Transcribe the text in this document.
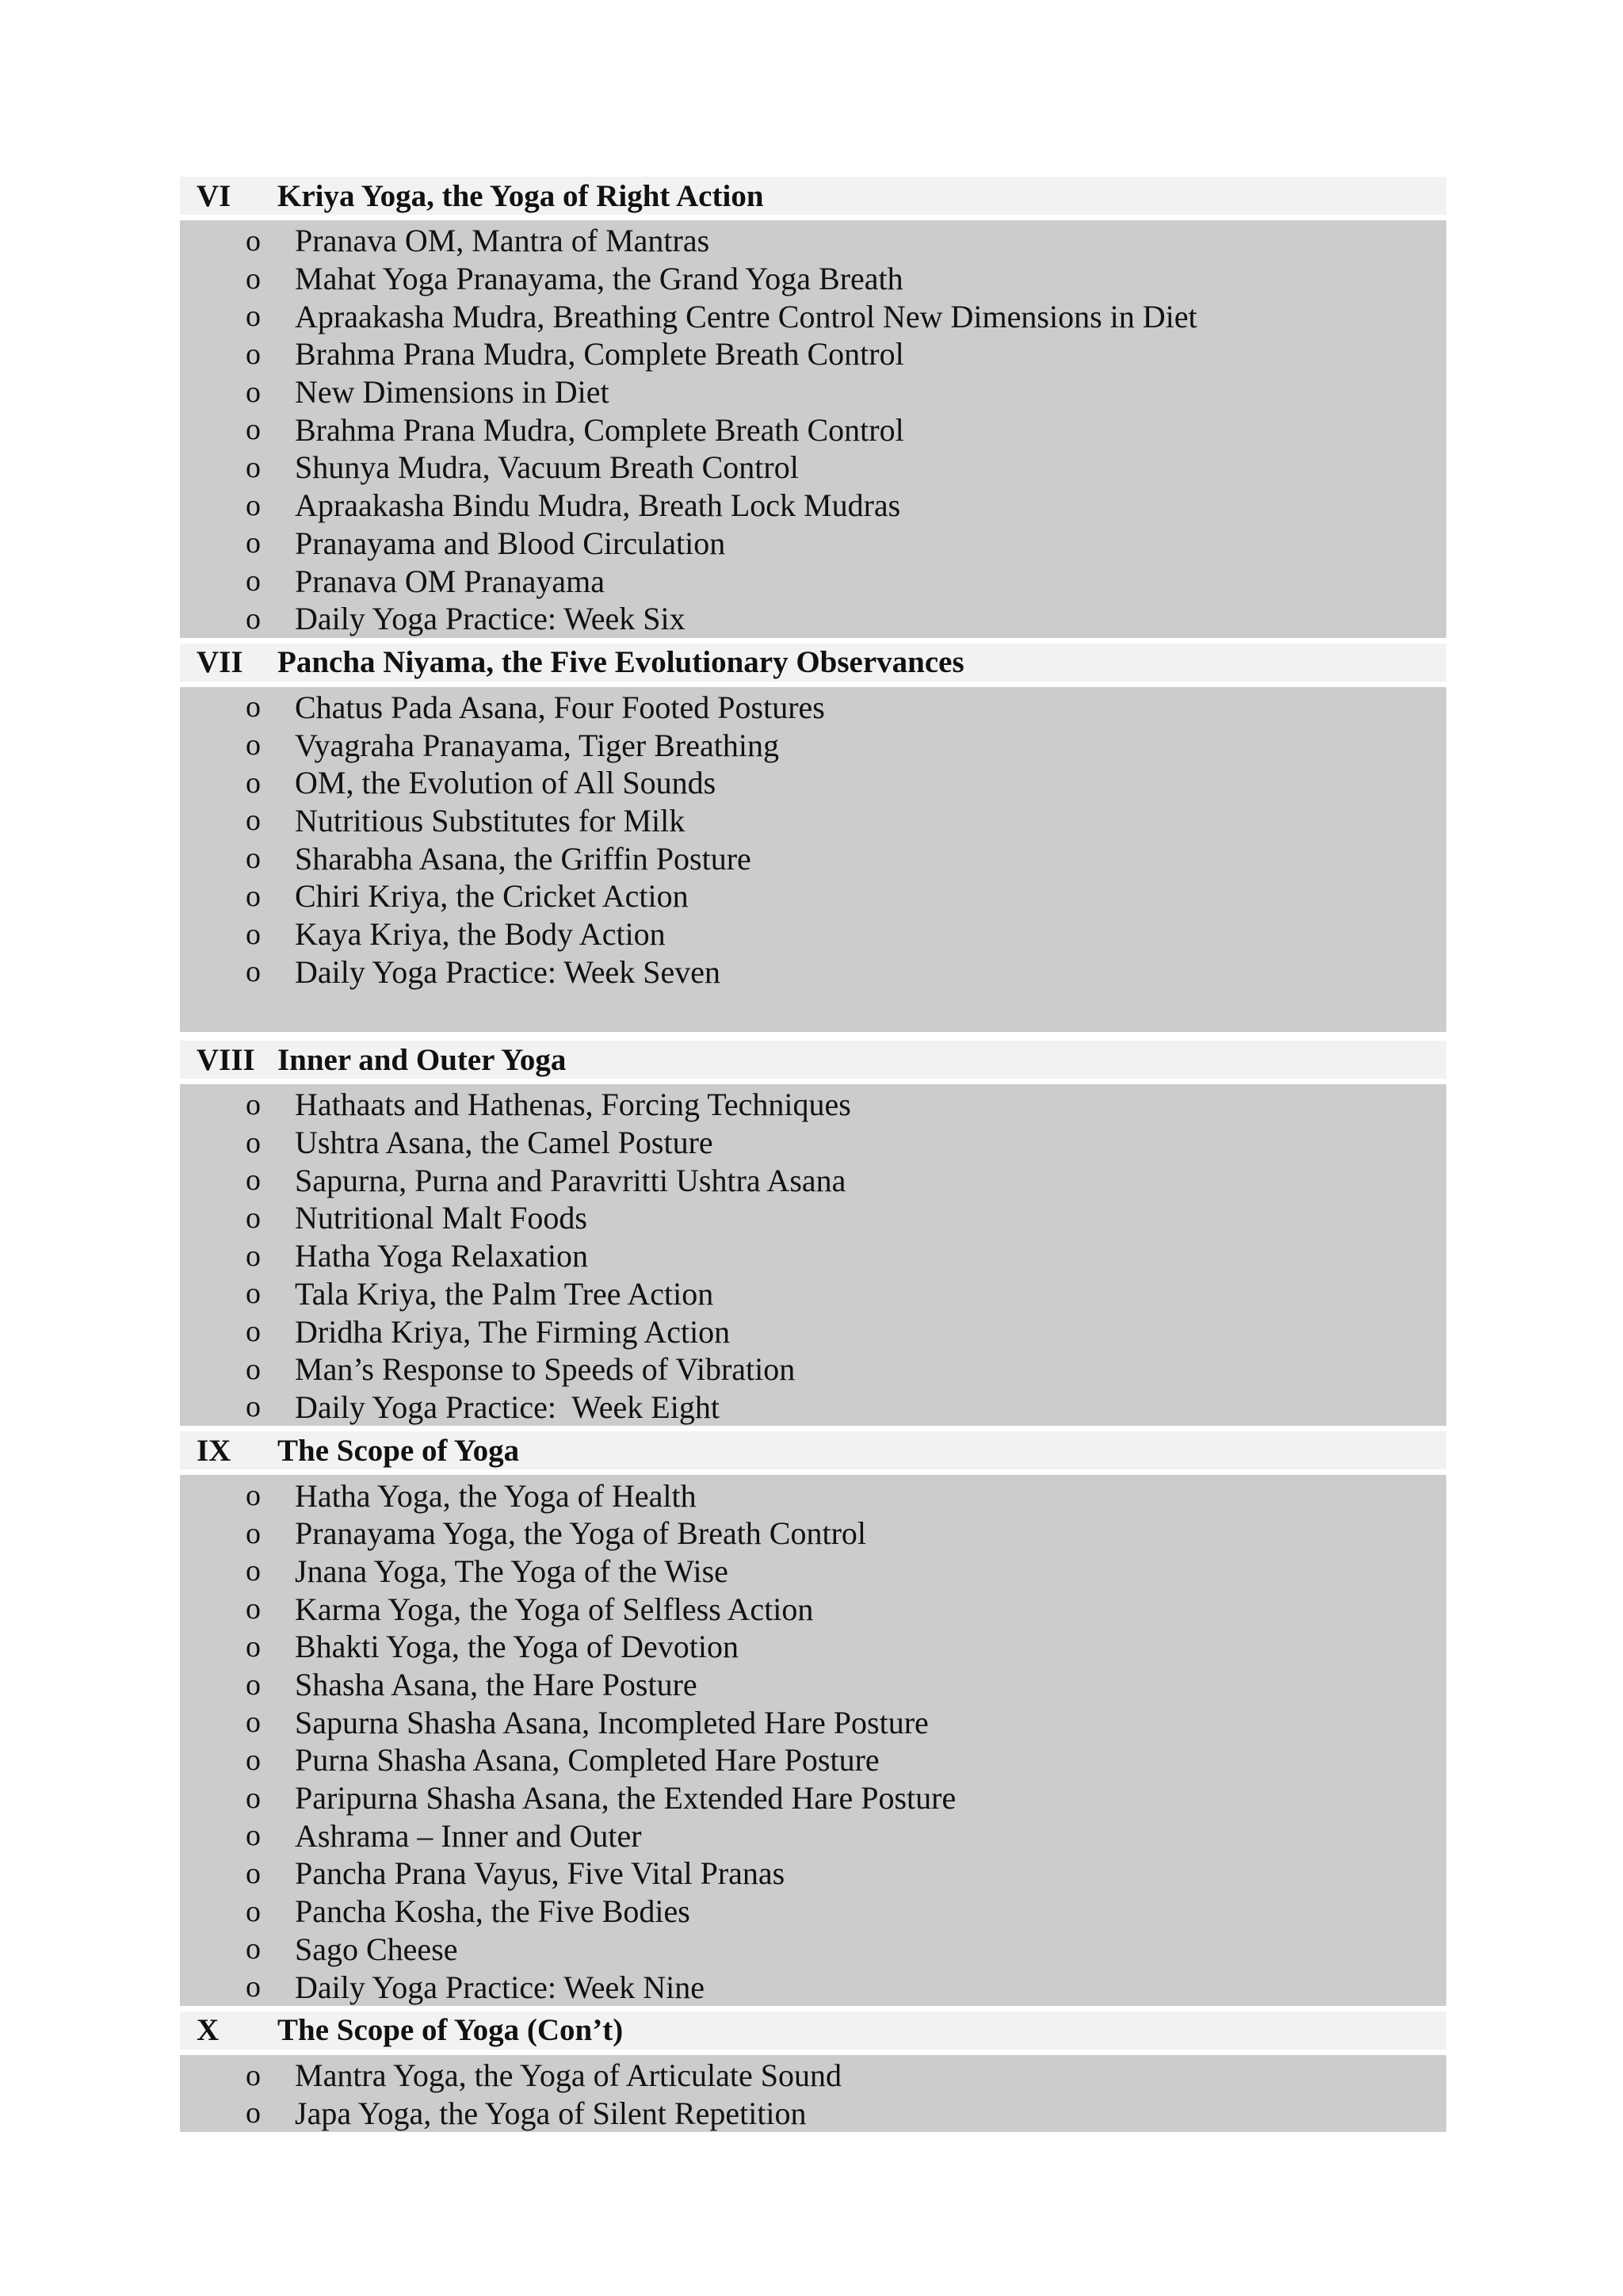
VI	Kriya Yoga, the Yoga of Right Action
o	Pranava OM, Mantra of Mantras
o	Mahat Yoga Pranayama, the Grand Yoga Breath
o	Apraakasha Mudra, Breathing Centre Control New Dimensions in Diet
o	Brahma Prana Mudra, Complete Breath Control
o	New Dimensions in Diet
o	Brahma Prana Mudra, Complete Breath Control
o	Shunya Mudra, Vacuum Breath Control
o	Apraakasha Bindu Mudra, Breath Lock Mudras
o	Pranayama and Blood Circulation
o	Pranava OM Pranayama
o	Daily Yoga Practice: Week Six
VII	Pancha Niyama, the Five Evolutionary Observances
o	Chatus Pada Asana, Four Footed Postures
o	Vyagraha Pranayama, Tiger Breathing
o	OM, the Evolution of All Sounds
o	Nutritious Substitutes for Milk
o	Sharabha Asana, the Griffin Posture
o	Chiri Kriya, the Cricket Action
o	Kaya Kriya, the Body Action
o	Daily Yoga Practice: Week Seven
VIII Inner and Outer Yoga
o	Hathaats and Hathenas, Forcing Techniques
o	Ushtra Asana, the Camel Posture
o	Sapurna, Purna and Paravritti Ushtra Asana
o	Nutritional Malt Foods
o	Hatha Yoga Relaxation
o	Tala Kriya, the Palm Tree Action
o	Dridha Kriya, The Firming Action
o	Man’s Response to Speeds of Vibration
o	Daily Yoga Practice:  Week Eight
IX	The Scope of Yoga
o	Hatha Yoga, the Yoga of Health
o	Pranayama Yoga, the Yoga of Breath Control
o	Jnana Yoga, The Yoga of the Wise
o	Karma Yoga, the Yoga of Selfless Action
o	Bhakti Yoga, the Yoga of Devotion
o	Shasha Asana, the Hare Posture
o	Sapurna Shasha Asana, Incompleted Hare Posture
o	Purna Shasha Asana, Completed Hare Posture
o	Paripurna Shasha Asana, the Extended Hare Posture
o	Ashrama – Inner and Outer
o	Pancha Prana Vayus, Five Vital Pranas
o	Pancha Kosha, the Five Bodies
o	Sago Cheese
o	Daily Yoga Practice: Week Nine
X	The Scope of Yoga (Con’t)
o	Mantra Yoga, the Yoga of Articulate Sound
o	Japa Yoga, the Yoga of Silent Repetition
